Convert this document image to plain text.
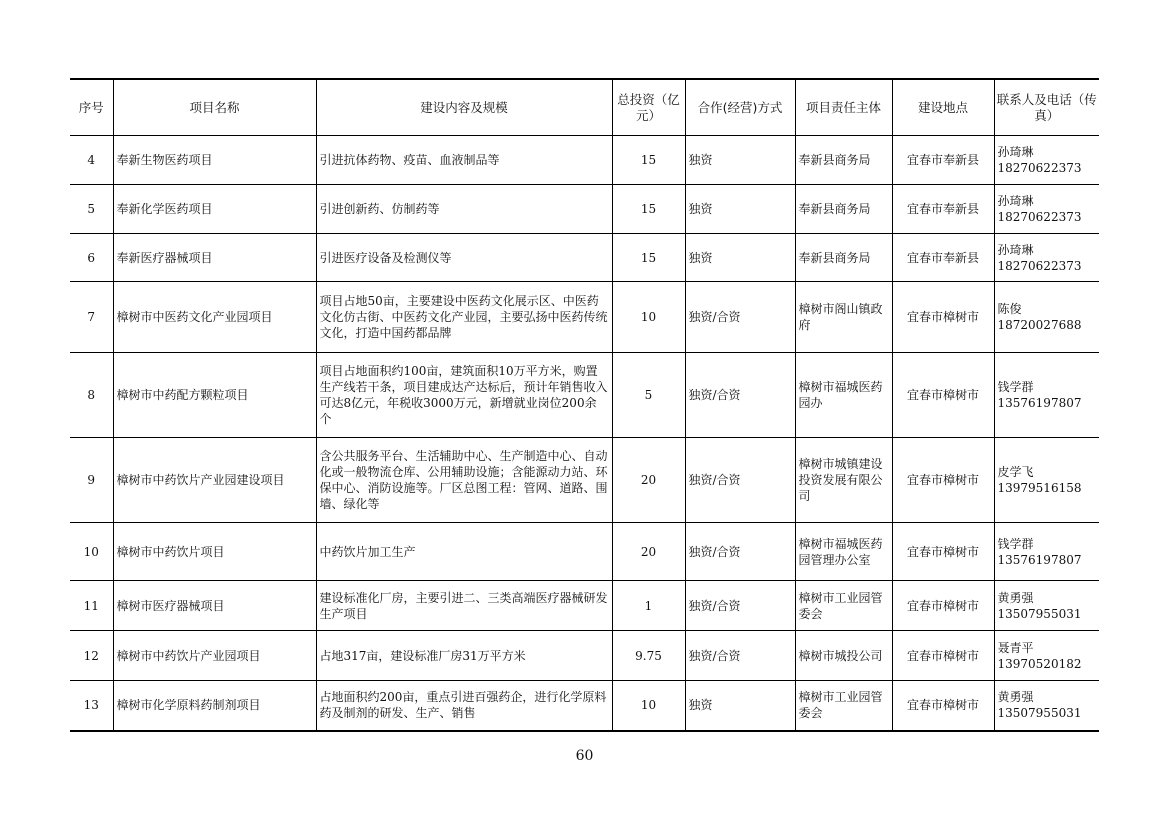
序号	项目名称	建设内容及规模	总投资（亿元）	合作(经营)方式	项目责任主体	建设地点	联系人及电话（传真）
4	奉新生物医药项目	引进抗体药物、疫苗、血液制品等	15	独资	奉新县商务局	宜春市奉新县	孙琦琳
18270622373

5	奉新化学医药项目	引进创新药、仿制药等	15	独资	奉新县商务局	宜春市奉新县	孙琦琳
18270622373

6	奉新医疗器械项目	引进医疗设备及检测仪等	15	独资	奉新县商务局	宜春市奉新县	孙琦琳
18270622373

7	樟树市中医药文化产业园项目	项目占地50亩，主要建设中医药文化展示区、中医药文化仿古街、中医药文化产业园，主要弘扬中医药传统文化，打造中国药都品牌	10	独资/合资	樟树市阁山镇政府	宜春市樟树市	陈俊
18720027688

8	樟树市中药配方颗粒项目	项目占地面积约100亩，建筑面积10万平方米，购置生产线若干条，项目建成达产达标后，预计年销售收入可达8亿元，年税收3000万元，新增就业岗位200余个	5	独资/合资	樟树市福城医药园办	宜春市樟树市	钱学群
13576197807

9	樟树市中药饮片产业园建设项目	含公共服务平台、生活辅助中心、生产制造中心、自动化或一般物流仓库、公用辅助设施；含能源动力站、环保中心、消防设施等。厂区总图工程：管网、道路、围墙、绿化等	20	独资/合资	樟树市城镇建设投资发展有限公司	宜春市樟树市	皮学飞
13979516158

10	樟树市中药饮片项目	中药饮片加工生产	20	独资/合资	樟树市福城医药园管理办公室	宜春市樟树市	钱学群
13576197807

11	樟树市医疗器械项目	建设标准化厂房，主要引进二、三类高端医疗器械研发生产项目	1	独资/合资	樟树市工业园管委会	宜春市樟树市	黄勇强
13507955031

12	樟树市中药饮片产业园项目	占地317亩，建设标准厂房31万平方米	9.75	独资/合资	樟树市城投公司	宜春市樟树市	聂青平
13970520182

13	樟树市化学原料药制剂项目	占地面积约200亩，重点引进百强药企，进行化学原料药及制剂的研发、生产、销售	10	独资	樟树市工业园管委会	宜春市樟树市	黄勇强
13507955031
60
